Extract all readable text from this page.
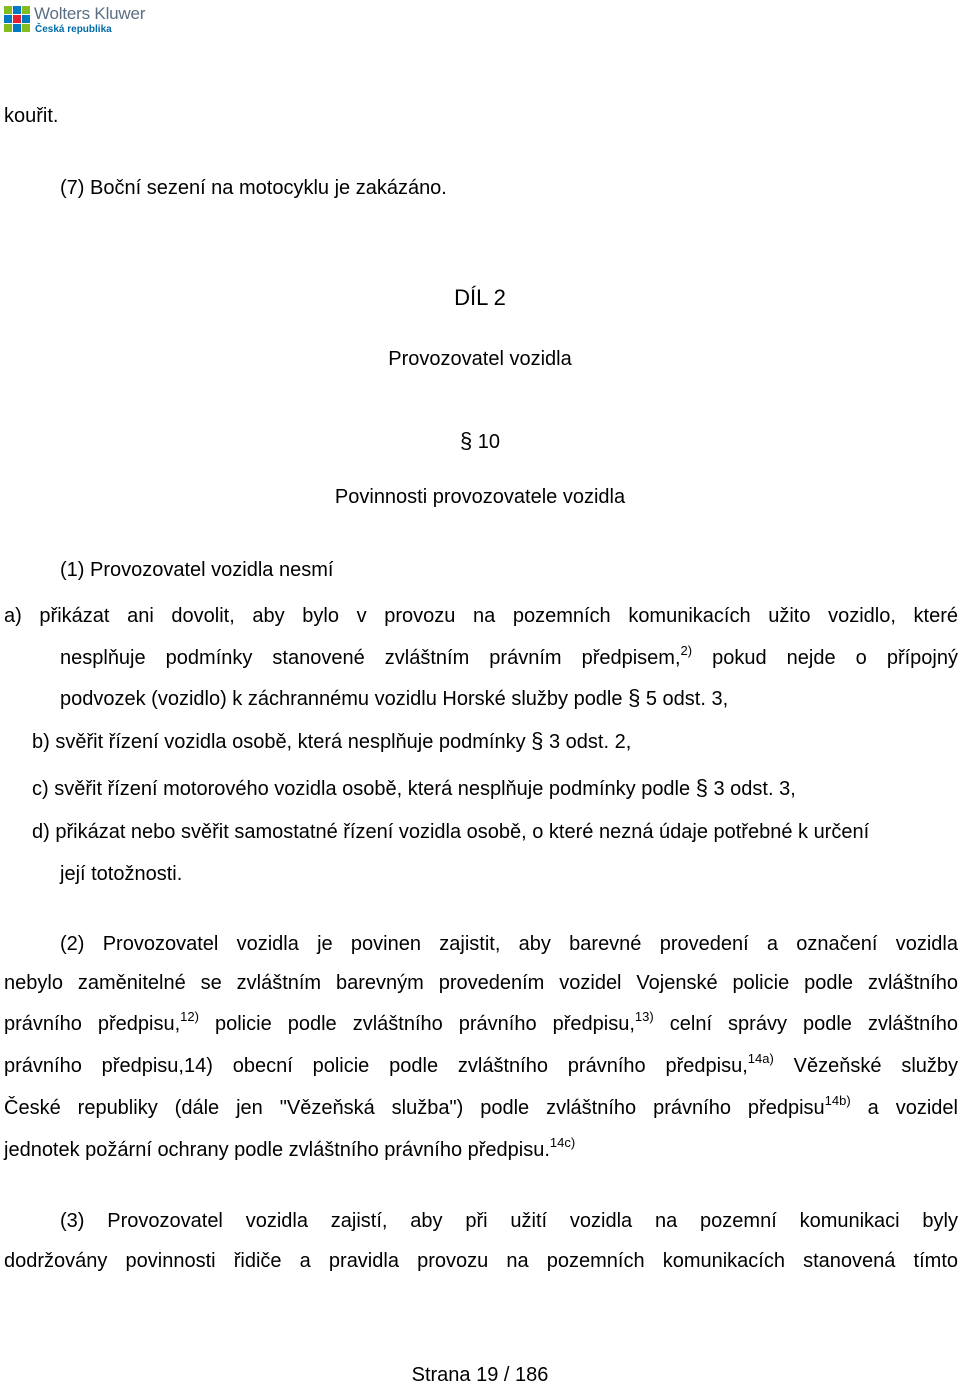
Wolters Kluwer
Česká republika
kouřit.
(7) Boční sezení na motocyklu je zakázáno.
DÍL 2
Provozovatel vozidla
§ 10
Povinnosti provozovatele vozidla
(1) Provozovatel vozidla nesmí
a) přikázat ani dovolit, aby bylo v provozu na pozemních komunikacích užito vozidlo, které
nesplňuje podmínky stanovené zvláštním právním předpisem,$^{2)}$ pokud nejde o přípojný
podvozek (vozidlo) k záchrannému vozidlu Horské služby podle § 5 odst. 3,
b) svěřit řízení vozidla osobě, která nesplňuje podmínky § 3 odst. 2,
c) svěřit řízení motorového vozidla osobě, která nesplňuje podmínky podle § 3 odst. 3,
d) přikázat nebo svěřit samostatné řízení vozidla osobě, o které nezná údaje potřebné k určení
její totožnosti.
(2) Provozovatel vozidla je povinen zajistit, aby barevné provedení a označení vozidla
nebylo zaměnitelné se zvláštním barevným provedením vozidel Vojenské policie podle zvláštního
právního předpisu,$^{12)}$ policie podle zvláštního právního předpisu,$^{13)}$ celní správy podle zvláštního
právního předpisu,14) obecní policie podle zvláštního právního předpisu,$^{14a)}$ Vězeňské služby
České republiky (dále jen "Vězeňská služba") podle zvláštního právního předpisu$^{14b)}$ a vozidel
jednotek požární ochrany podle zvláštního právního předpisu.$^{14c)}$
(3) Provozovatel vozidla zajistí, aby při užití vozidla na pozemní komunikaci byly
dodržovány povinnosti řidiče a pravidla provozu na pozemních komunikacích stanovená tímto
Strana 19 / 186
